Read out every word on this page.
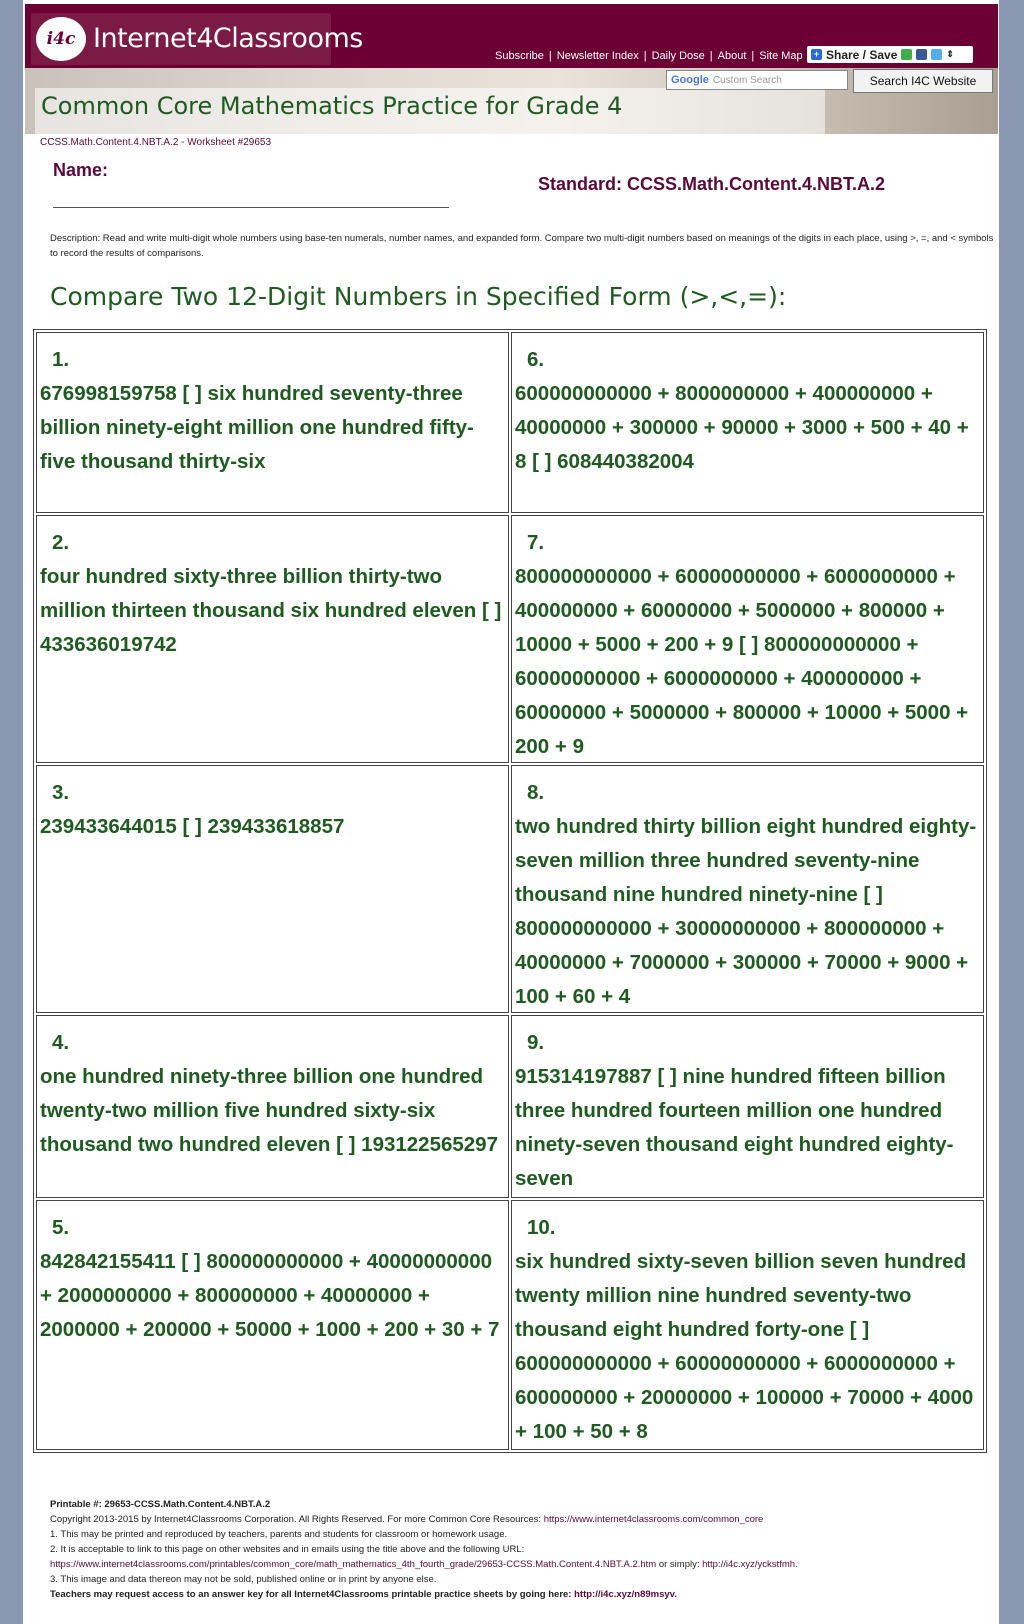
i4c Internet4Classrooms
Subscribe | Newsletter Index | Daily Dose | About | Site Map	+ Share / Save	⇕
Common Core Mathematics Practice for Grade 4
Google Custom Search	Search I4C Website
CCSS.Math.Content.4.NBT.A.2 - Worksheet #29653
Name:
Standard: CCSS.Math.Content.4.NBT.A.2
Description: Read and write multi-digit whole numbers using base-ten numerals, number names, and expanded form. Compare two multi-digit numbers based on meanings of the digits in each place, using >, =, and < symbols to record the results of comparisons.
Compare Two 12-Digit Numbers in Specified Form (>,<,=):
1.
676998159758 [ ] six hundred seventy-three billion ninety-eight million one hundred fifty-five thousand thirty-six
6.
600000000000 + 8000000000 + 400000000 + 40000000 + 300000 + 90000 + 3000 + 500 + 40 + 8 [ ] 608440382004
2.
four hundred sixty-three billion thirty-two million thirteen thousand six hundred eleven [ ] 433636019742
7.
800000000000 + 60000000000 + 6000000000 + 400000000 + 60000000 + 5000000 + 800000 + 10000 + 5000 + 200 + 9 [ ] 800000000000 + 60000000000 + 6000000000 + 400000000 + 60000000 + 5000000 + 800000 + 10000 + 5000 + 200 + 9
3.
239433644015 [ ] 239433618857
8.
two hundred thirty billion eight hundred eighty-seven million three hundred seventy-nine thousand nine hundred ninety-nine [ ] 800000000000 + 30000000000 + 800000000 + 40000000 + 7000000 + 300000 + 70000 + 9000 + 100 + 60 + 4
4.
one hundred ninety-three billion one hundred twenty-two million five hundred sixty-six thousand two hundred eleven [ ] 193122565297
9.
915314197887 [ ] nine hundred fifteen billion three hundred fourteen million one hundred ninety-seven thousand eight hundred eighty-seven
5.
842842155411 [ ] 800000000000 + 40000000000 + 2000000000 + 800000000 + 40000000 + 2000000 + 200000 + 50000 + 1000 + 200 + 30 + 7
10.
six hundred sixty-seven billion seven hundred twenty million nine hundred seventy-two thousand eight hundred forty-one [ ] 600000000000 + 60000000000 + 6000000000 + 600000000 + 20000000 + 100000 + 70000 + 4000 + 100 + 50 + 8
Printable #: 29653-CCSS.Math.Content.4.NBT.A.2
Copyright 2013-2015 by Internet4Classrooms Corporation. All Rights Reserved. For more Common Core Resources: https://www.internet4classrooms.com/common_core
1. This may be printed and reproduced by teachers, parents and students for classroom or homework usage.
2. It is acceptable to link to this page on other websites and in emails using the title above and the following URL:
https://www.internet4classrooms.com/printables/common_core/math_mathematics_4th_fourth_grade/29653-CCSS.Math.Content.4.NBT.A.2.htm or simply: http://i4c.xyz/yckstfmh.
3. This image and data thereon may not be sold, published online or in print by anyone else.
Teachers may request access to an answer key for all Internet4Classrooms printable practice sheets by going here: http://i4c.xyz/n89msyv.
